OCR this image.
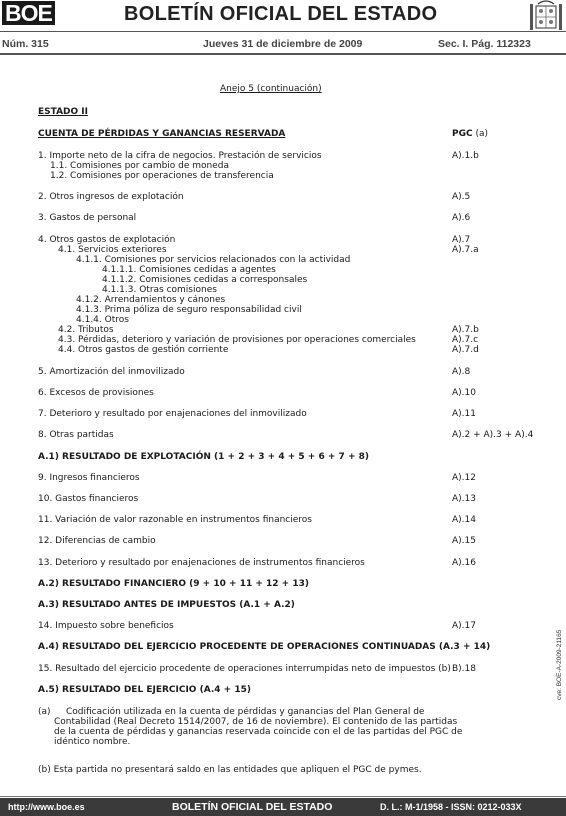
BOE	BOLETÍN OFICIAL DEL ESTADO
Núm. 315	Jueves 31 de diciembre de 2009	Sec. I. Pág. 112323
Anejo 5 (continuación)
ESTADO II
CUENTA DE PÉRDIDAS Y GANANCIAS RESERVADA	PGC (a)
1. Importe neto de la cifra de negocios. Prestación de servicios	A).1.b
1.1. Comisiones por cambio de moneda
1.2. Comisiones por operaciones de transferencia
2. Otros ingresos de explotación	A).5
3. Gastos de personal	A).6
4. Otros gastos de explotación	A).7
4.1. Servicios exteriores	A).7.a
4.1.1. Comisiones por servicios relacionados con la actividad
4.1.1.1. Comisiones cedidas a agentes
4.1.1.2. Comisiones cedidas a corresponsales
4.1.1.3. Otras comisiones
4.1.2. Arrendamientos y cánones
4.1.3. Prima póliza de seguro responsabilidad civil
4.1.4. Otros
4.2. Tributos	A).7.b
4.3. Pérdidas, deterioro y variación de provisiones por operaciones comerciales	A).7.c
4.4. Otros gastos de gestión corriente	A).7.d
5. Amortización del inmovilizado	A).8
6. Excesos de provisiones	A).10
7. Deterioro y resultado por enajenaciones del inmovilizado	A).11
8. Otras partidas	A).2 + A).3 + A).4
A.1) RESULTADO DE EXPLOTACIÓN (1 + 2 + 3 + 4 + 5 + 6 + 7 + 8)
9. Ingresos financieros	A).12
10. Gastos financieros	A).13
11. Variación de valor razonable en instrumentos financieros	A).14
12. Diferencias de cambio	A).15
13. Deterioro y resultado por enajenaciones de instrumentos financieros	A).16
A.2) RESULTADO FINANCIERO (9 + 10 + 11 + 12 + 13)
A.3) RESULTADO ANTES DE IMPUESTOS (A.1 + A.2)
14. Impuesto sobre beneficios	A).17
A.4) RESULTADO DEL EJERCICIO PROCEDENTE DE OPERACIONES CONTINUADAS (A.3 + 14)
15. Resultado del ejercicio procedente de operaciones interrumpidas neto de impuestos (b) B).18
A.5) RESULTADO DEL EJERCICIO (A.4 + 15)
(a) Codificación utilizada en la cuenta de pérdidas y ganancias del Plan General de
Contabilidad (Real Decreto 1514/2007, de 16 de noviembre). El contenido de las partidas
de la cuenta de pérdidas y ganancias reservada coincide con el de las partidas del PGC de
idéntico nombre.
(b) Esta partida no presentará saldo en las entidades que apliquen el PGC de pymes.
cve: BOE-A-2009-21165
http://www.boe.es	BOLETÍN OFICIAL DEL ESTADO	D. L.: M-1/1958 - ISSN: 0212-033X
